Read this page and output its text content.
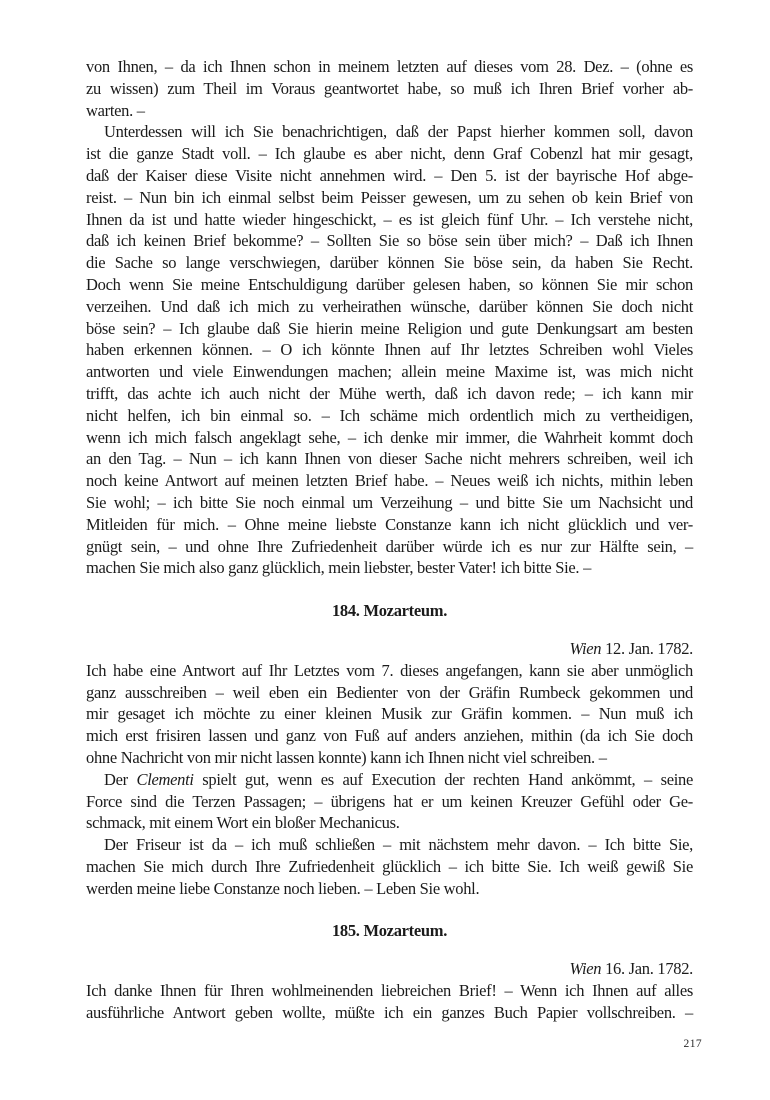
von Ihnen, – da ich Ihnen schon in meinem letzten auf dieses vom 28. Dez. – (ohne es
zu wissen) zum Theil im Voraus geantwortet habe, so muß ich Ihren Brief vorher ab-
warten. –
Unterdessen will ich Sie benachrichtigen, daß der Papst hierher kommen soll, davon
ist die ganze Stadt voll. – Ich glaube es aber nicht, denn Graf Cobenzl hat mir gesagt,
daß der Kaiser diese Visite nicht annehmen wird. – Den 5. ist der bayrische Hof abge-
reist. – Nun bin ich einmal selbst beim Peisser gewesen, um zu sehen ob kein Brief von
Ihnen da ist und hatte wieder hingeschickt, – es ist gleich fünf Uhr. – Ich verstehe nicht,
daß ich keinen Brief bekomme? – Sollten Sie so böse sein über mich? – Daß ich Ihnen
die Sache so lange verschwiegen, darüber können Sie böse sein, da haben Sie Recht.
Doch wenn Sie meine Entschuldigung darüber gelesen haben, so können Sie mir schon
verzeihen. Und daß ich mich zu verheirathen wünsche, darüber können Sie doch nicht
böse sein? – Ich glaube daß Sie hierin meine Religion und gute Denkungsart am besten
haben erkennen können. – O ich könnte Ihnen auf Ihr letztes Schreiben wohl Vieles
antworten und viele Einwendungen machen; allein meine Maxime ist, was mich nicht
trifft, das achte ich auch nicht der Mühe werth, daß ich davon rede; – ich kann mir
nicht helfen, ich bin einmal so. – Ich schäme mich ordentlich mich zu vertheidigen,
wenn ich mich falsch angeklagt sehe, – ich denke mir immer, die Wahrheit kommt doch
an den Tag. – Nun – ich kann Ihnen von dieser Sache nicht mehrers schreiben, weil ich
noch keine Antwort auf meinen letzten Brief habe. – Neues weiß ich nichts, mithin leben
Sie wohl; – ich bitte Sie noch einmal um Verzeihung – und bitte Sie um Nachsicht und
Mitleiden für mich. – Ohne meine liebste Constanze kann ich nicht glücklich und ver-
gnügt sein, – und ohne Ihre Zufriedenheit darüber würde ich es nur zur Hälfte sein, –
machen Sie mich also ganz glücklich, mein liebster, bester Vater! ich bitte Sie. –
184. Mozarteum.
Wien 12. Jan. 1782.
Ich habe eine Antwort auf Ihr Letztes vom 7. dieses angefangen, kann sie aber unmöglich
ganz ausschreiben – weil eben ein Bedienter von der Gräfin Rumbeck gekommen und
mir gesaget ich möchte zu einer kleinen Musik zur Gräfin kommen. – Nun muß ich
mich erst frisiren lassen und ganz von Fuß auf anders anziehen, mithin (da ich Sie doch
ohne Nachricht von mir nicht lassen konnte) kann ich Ihnen nicht viel schreiben. –
Der Clementi spielt gut, wenn es auf Execution der rechten Hand ankömmt, – seine
Force sind die Terzen Passagen; – übrigens hat er um keinen Kreuzer Gefühl oder Ge-
schmack, mit einem Wort ein bloßer Mechanicus.
Der Friseur ist da – ich muß schließen – mit nächstem mehr davon. – Ich bitte Sie,
machen Sie mich durch Ihre Zufriedenheit glücklich – ich bitte Sie. Ich weiß gewiß Sie
werden meine liebe Constanze noch lieben. – Leben Sie wohl.
185. Mozarteum.
Wien 16. Jan. 1782.
Ich danke Ihnen für Ihren wohlmeinenden liebreichen Brief! – Wenn ich Ihnen auf alles
ausführliche Antwort geben wollte, müßte ich ein ganzes Buch Papier vollschreiben. –
217
